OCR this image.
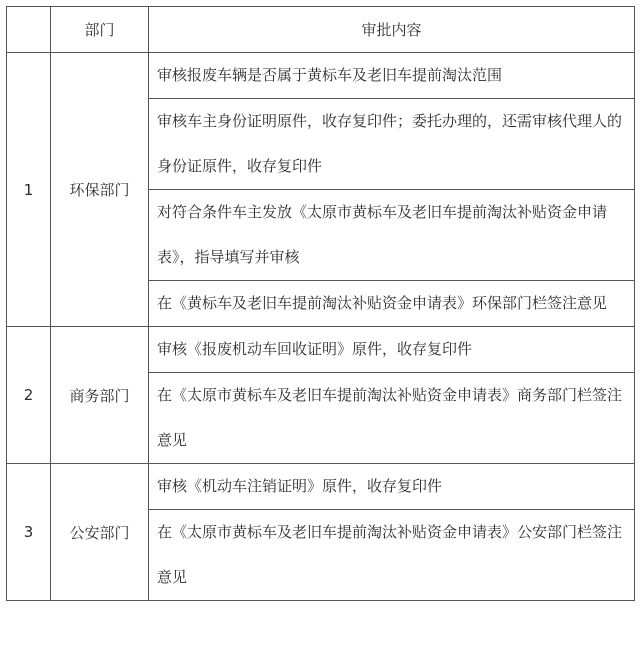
	部门	审批内容
1	环保部门	审核报废车辆是否属于黄标车及老旧车提前淘汰范围
		审核车主身份证明原件，收存复印件；委托办理的，还需审核代理人的身份证原件，收存复印件
		对符合条件车主发放《太原市黄标车及老旧车提前淘汰补贴资金申请表》，指导填写并审核
		在《黄标车及老旧车提前淘汰补贴资金申请表》环保部门栏签注意见
2	商务部门	审核《报废机动车回收证明》原件，收存复印件
		在《太原市黄标车及老旧车提前淘汰补贴资金申请表》商务部门栏签注意见
3	公安部门	审核《机动车注销证明》原件，收存复印件
		在《太原市黄标车及老旧车提前淘汰补贴资金申请表》公安部门栏签注意见
